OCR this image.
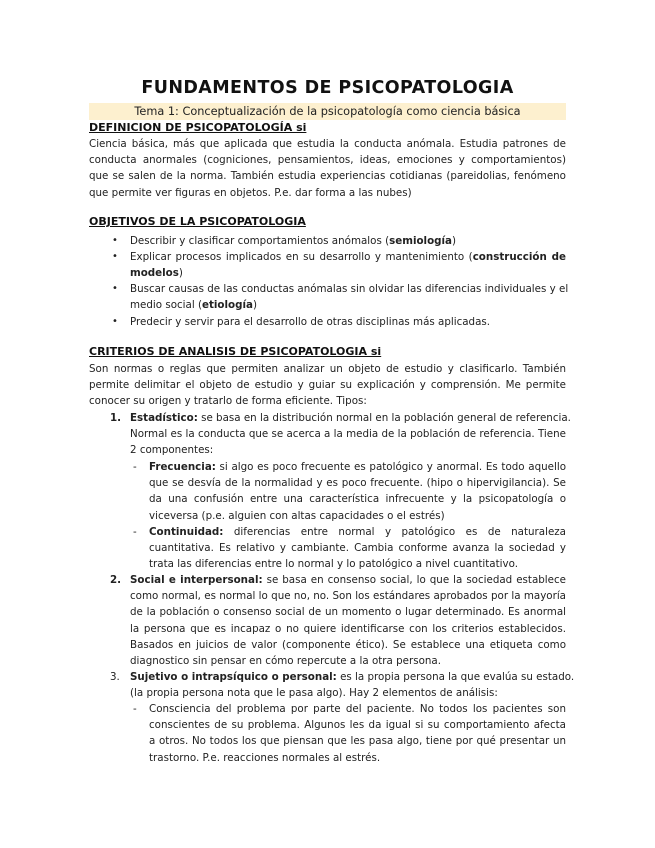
FUNDAMENTOS DE PSICOPATOLOGIA
Tema 1: Conceptualización de la psicopatología como ciencia básica
DEFINICION DE PSICOPATOLOGÍA si
Ciencia básica, más que aplicada que estudia la conducta anómala. Estudia patrones de
conducta anormales (cogniciones, pensamientos, ideas, emociones y comportamientos)
que se salen de la norma. También estudia experiencias cotidianas (pareidolias, fenómeno
que permite ver figuras en objetos. P.e. dar forma a las nubes)
OBJETIVOS DE LA PSICOPATOLOGIA
• Describir y clasificar comportamientos anómalos (semiología)
• Explicar procesos implicados en su desarrollo y mantenimiento (construcción de
modelos)
• Buscar causas de las conductas anómalas sin olvidar las diferencias individuales y el
medio social (etiología)
• Predecir y servir para el desarrollo de otras disciplinas más aplicadas.
CRITERIOS DE ANALISIS DE PSICOPATOLOGIA si
Son normas o reglas que permiten analizar un objeto de estudio y clasificarlo. También
permite delimitar el objeto de estudio y guiar su explicación y comprensión. Me permite
conocer su origen y tratarlo de forma eficiente. Tipos:
1. Estadístico: se basa en la distribución normal en la población general de referencia.
Normal es la conducta que se acerca a la media de la población de referencia. Tiene
2 componentes:
- Frecuencia: si algo es poco frecuente es patológico y anormal. Es todo aquello
que se desvía de la normalidad y es poco frecuente. (hipo o hipervigilancia). Se
da una confusión entre una característica infrecuente y la psicopatología o
viceversa (p.e. alguien con altas capacidades o el estrés)
- Continuidad: diferencias entre normal y patológico es de naturaleza
cuantitativa. Es relativo y cambiante. Cambia conforme avanza la sociedad y
trata las diferencias entre lo normal y lo patológico a nivel cuantitativo.
2. Social e interpersonal: se basa en consenso social, lo que la sociedad establece
como normal, es normal lo que no, no. Son los estándares aprobados por la mayoría
de la población o consenso social de un momento o lugar determinado. Es anormal
la persona que es incapaz o no quiere identificarse con los criterios establecidos.
Basados en juicios de valor (componente ético). Se establece una etiqueta como
diagnostico sin pensar en cómo repercute a la otra persona.
3. Sujetivo o intrapsíquico o personal: es la propia persona la que evalúa su estado.
(la propia persona nota que le pasa algo). Hay 2 elementos de análisis:
- Consciencia del problema por parte del paciente. No todos los pacientes son
conscientes de su problema. Algunos les da igual si su comportamiento afecta
a otros. No todos los que piensan que les pasa algo, tiene por qué presentar un
trastorno. P.e. reacciones normales al estrés.
